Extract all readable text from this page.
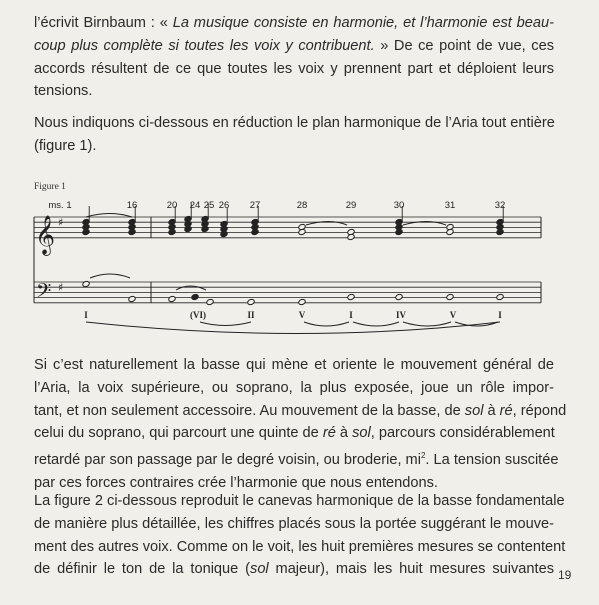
l’écrivit Birnbaum : « La musique consiste en harmonie, et l’harmonie est beau-
coup plus complète si toutes les voix y contribuent. » De ce point de vue, ces
accords résultent de ce que toutes les voix y prennent part et déploient leurs
tensions.
Nous indiquons ci-dessous en réduction le plan harmonique de l’Aria tout entière
(figure 1).
Figure 1
ms. 1	16	20 24 25 26 27	28	29	30	31	32
I	(VI)	II	V	I	IV	V	I
𝄞
𝄢
♯
♯
Si c’est naturellement la basse qui mène et oriente le mouvement général de
l’Aria, la voix supérieure, ou soprano, la plus exposée, joue un rôle impor-
tant, et non seulement accessoire. Au mouvement de la basse, de sol à ré, répond
celui du soprano, qui parcourt une quinte de ré à sol, parcours considérablement
retardé par son passage par le degré voisin, ou broderie, $mi^2$. La tension suscitée
par ces forces contraires crée l’harmonie que nous entendons.
La figure 2 ci-dessous reproduit le canevas harmonique de la basse fondamentale
de manière plus détaillée, les chiffres placés sous la portée suggérant le mouve-
ment des autres voix. Comme on le voit, les huit premières mesures se contentent
de définir le ton de la tonique (sol majeur), mais les huit mesures suivantes 19
